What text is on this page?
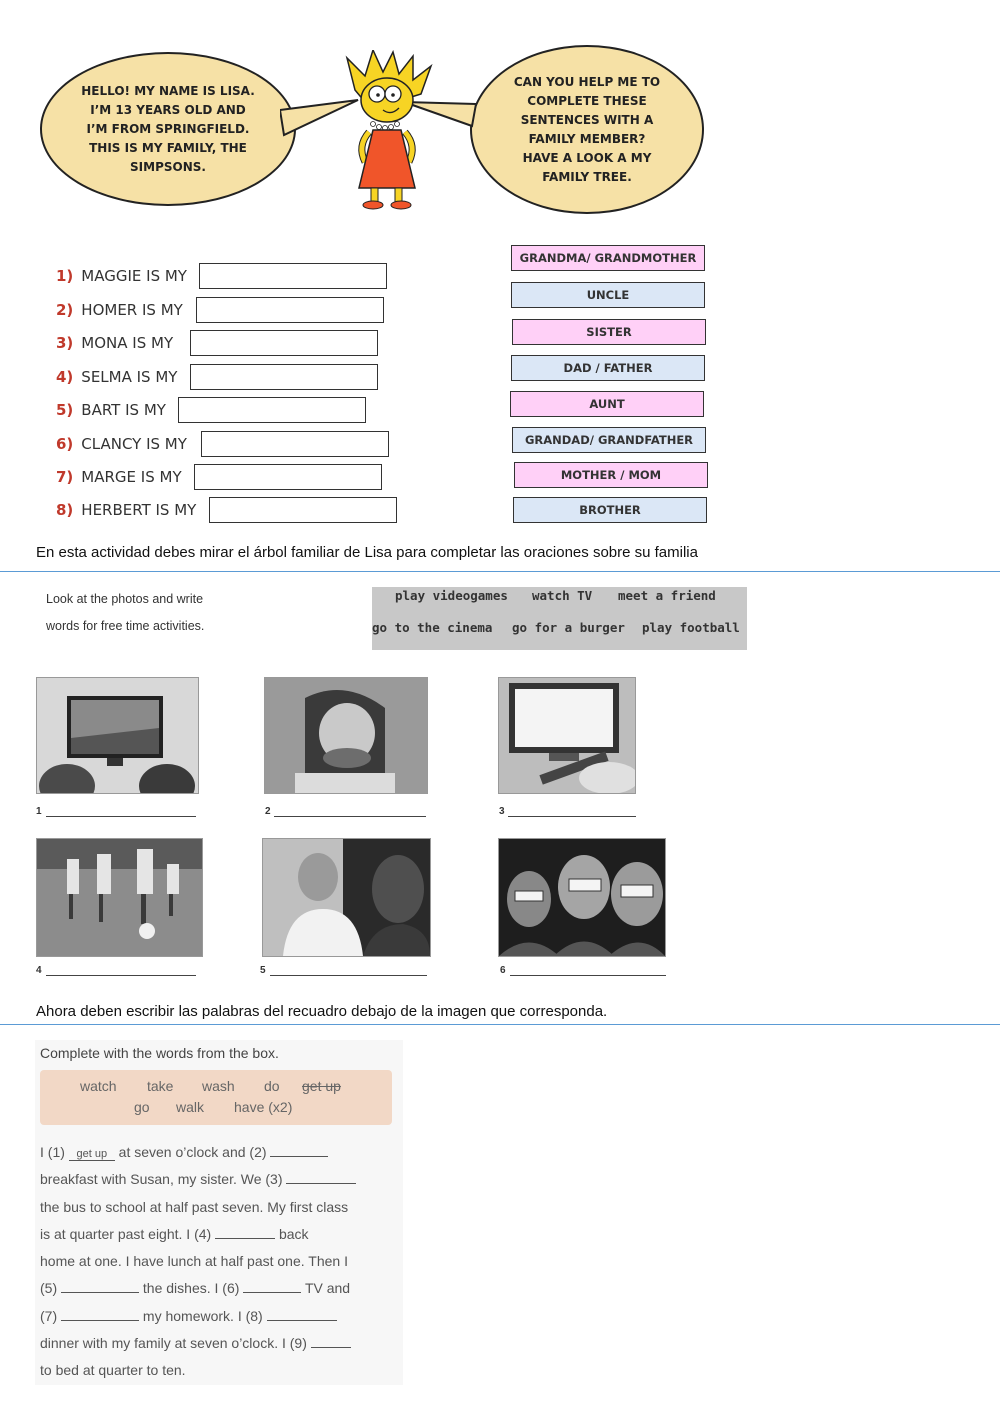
HELLO! MY NAME IS LISA.
I’M 13 YEARS OLD AND
I’M FROM SPRINGFIELD.
THIS IS MY FAMILY, THE
SIMPSONS.
CAN YOU HELP ME TO
COMPLETE THESE
SENTENCES WITH A
FAMILY MEMBER?
HAVE A LOOK A MY
FAMILY TREE.
1) MAGGIE IS MY
2) HOMER IS MY
3) MONA IS MY
4) SELMA IS MY
5) BART IS MY
6) CLANCY IS MY
7) MARGE IS MY
8) HERBERT IS MY
GRANDMA/ GRANDMOTHER
UNCLE
SISTER
DAD / FATHER
AUNT
GRANDAD/ GRANDFATHER
MOTHER / MOM
BROTHER
En esta actividad debes mirar el árbol familiar de Lisa para completar las oraciones sobre su familia
Look at the photos and write
words for free time activities.
play videogames watch TV meet a friend
go to the cinema go for a burger play football
1	2	3
4	5	6
Ahora deben escribir las palabras del recuadro debajo de la imagen que corresponda.
Complete with the words from the box.
watch take wash do get up
go walk have (x2)
I (1) get up at seven o’clock and (2)
breakfast with Susan, my sister. We (3)
the bus to school at half past seven. My first class
is at quarter past eight. I (4)	back
home at one. I have lunch at half past one. Then I
(5)	the dishes. I (6)	TV and
(7)	my homework. I (8)
dinner with my family at seven o’clock. I (9)
to bed at quarter to ten.
